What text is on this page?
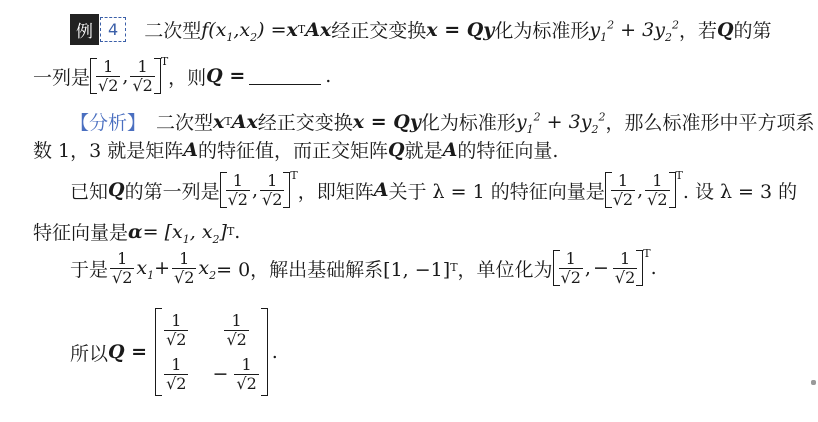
例 4	二次型 $f(x_1,x_2) = x$ T Ax 经正交变换 x = Qy 化为标准形 $y_1^2 + 3y_2^2$ ，若 Q 的第
一列是 $\frac{1}{√2}$ , $\frac{1}{√2}$ T
，则 Q =	.
【分析】 二次型 x T Ax 经正交变换 x = Qy 化为标准形 $y_1^2 + 3y_2^2$ ，那么标准形中平方项系
数 1，3 就是矩阵 A 的特征值，而正交矩阵 Q 就是 A 的特征向量.
已知 Q 的第一列是 $\frac{1}{√2}$ , $\frac{1}{√2}$ T
，即矩阵 A 关于 λ = 1 的特征向量是 $\frac{1}{√2}$ , $\frac{1}{√2}$ T
. 设 λ = 3 的
特征向量是 $\alpha = [x_1$, $x_2$] T .
于是 $\frac{1}{√2} x_1 + \frac{1}{√2} x_2 = 0$，解出基础解系[1, −1] T ，单位化为 $\frac{1}{√2}$ , − $\frac{1}{√2}$ T
.
所以 Q =
$\frac{1}{√2} \frac{1}{√2}$
$\frac{1}{√2} - \frac{1}{√2}$
.
